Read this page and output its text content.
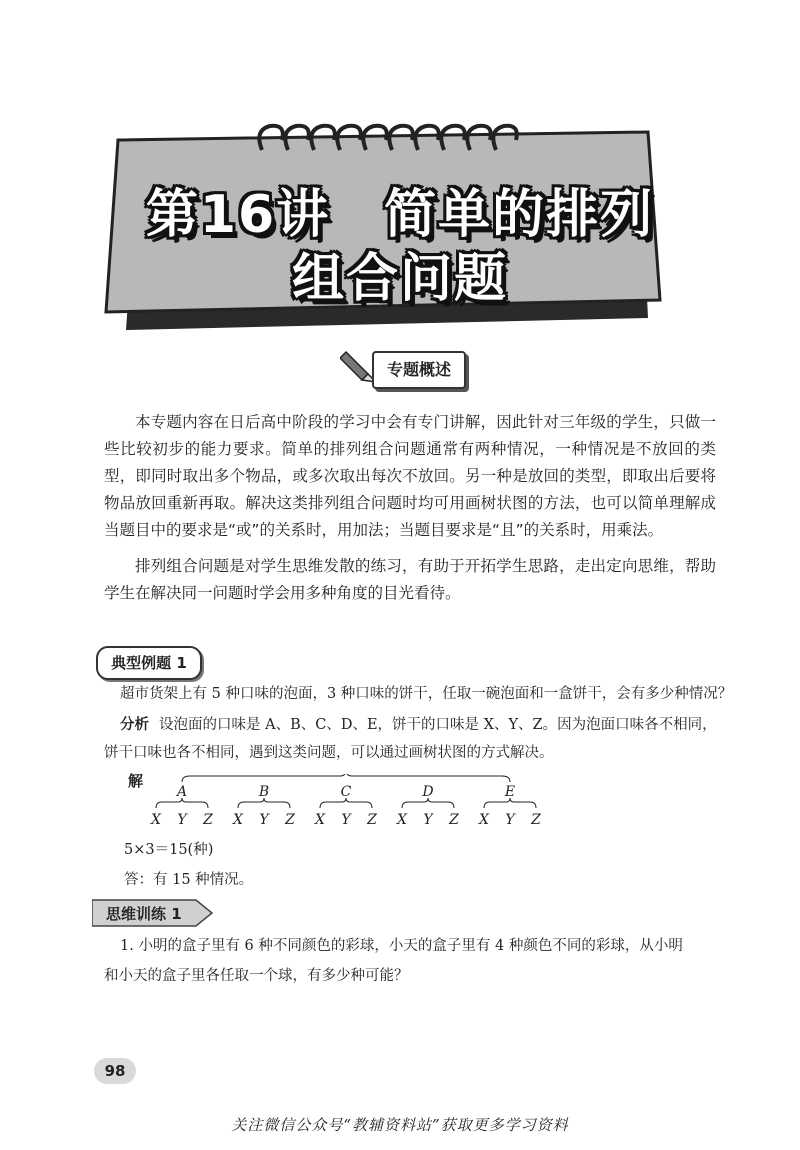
第16讲　简单的排列
组合问题
专题概述
本专题内容在日后高中阶段的学习中会有专门讲解，因此针对三年级的学生，只做一些比较初步的能力要求。简单的排列组合问题通常有两种情况，一种情况是不放回的类型，即同时取出多个物品，或多次取出每次不放回。另一种是放回的类型，即取出后要将物品放回重新再取。解决这类排列组合问题时均可用画树状图的方法，也可以简单理解成当题目中的要求是“或”的关系时，用加法；当题目要求是“且”的关系时，用乘法。
排列组合问题是对学生思维发散的练习，有助于开拓学生思路，走出定向思维，帮助学生在解决同一问题时学会用多种角度的目光看待。
典型例题 1
超市货架上有 5 种口味的泡面，3 种口味的饼干，任取一碗泡面和一盒饼干，会有多少种情况？
分析 设泡面的口味是 A、B、C、D、E，饼干的口味是 X、Y、Z。因为泡面口味各不相同，
饼干口味也各不相同，遇到这类问题，可以通过画树状图的方式解决。
解
A
X Y Z
B
X Y Z
C
X Y Z
D
X Y Z
E
X Y Z
5×3＝15(种)
答：有 15 种情况。
思维训练 1
1. 小明的盒子里有 6 种不同颜色的彩球，小天的盒子里有 4 种颜色不同的彩球，从小明
和小天的盒子里各任取一个球，有多少种可能？
98
关注微信公众号“教辅资料站”获取更多学习资料
